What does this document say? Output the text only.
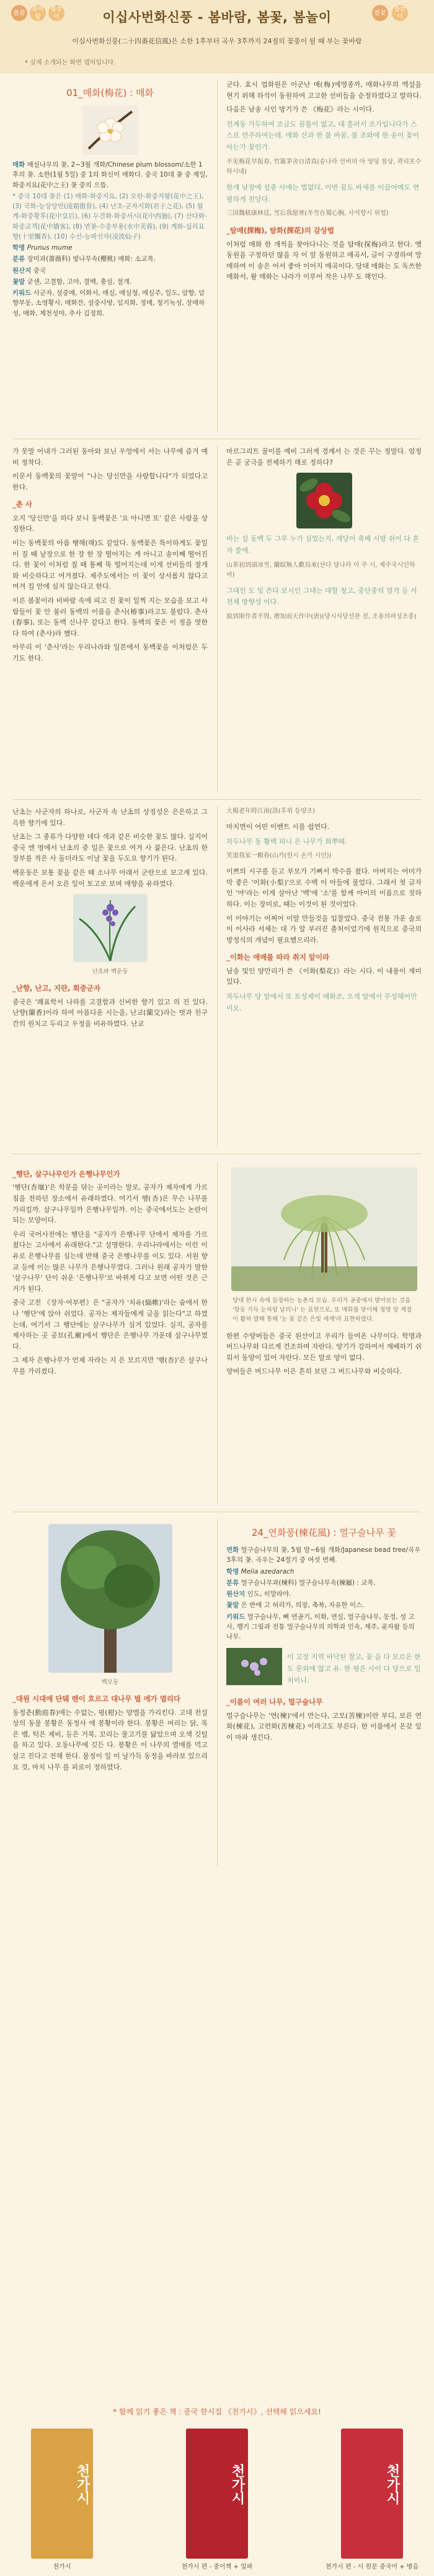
봄꽃
봄바람
봄놀이
봄꽃
봄놀이
이십사번화신풍 - 봄바람, 봄꽃, 봄놀이
이십사번화신풍(二十四番花信風)은 소한 1후부터 곡우 3후까지 24절의 꽃풍이 될 때 부는 꽃바람
* 실제 소개되는 화면 캡처입니다.
01_매화(梅花) : 매화
매화 매실나무의 꽃, 2~3월 개화/Chinese plum blossom/소한 1후의 꽃. 소한(1월 5일) 중 1의 화신이 매화다. 중국 10대 꽃 중 제일, 화중지요(花中之王) 꽃 중의 으뜸.
* 중국 10대 꽃은 (1) 매화-화중지요, (2) 모란-화중지왕(花中之王), (3) 국화-능상앙연(凌霜傲骨), (4) 난초-군자지화(君子之花), (5) 월계-화중황후(花中皇后), (6) 두견화-화중서시(花中西施), (7) 산다화-화중교객(花中嬌客), (8) 연꽃-수중부용(水中芙蓉), (9) 계화-십리표향(十里飄香), (10) 수선-능파선자(凌波仙子)
학명 Prunus mume
분류 장미과(薔薇科) 벚나무속(櫻桃) 매화: 소교목.
원산지 중국
꽃말 굳센, 고결함, 고아, 결백, 충실, 절개.
키워드 사군자, 설중매, 이화서, 매실, 매실청, 매실주, 일도, 암향, 암향부동, 소영황사, 매화잔, 설중사방, 임지화, 정매, 청기녹성, 장매하성, 매화, 제천성야, 추사 김정희.

군다. 효시 업화원은 이군난 매(梅)에영종까, 매화나무의 엑설을 현기 위해 하석이 동원하여 고고한 선비들을 순정하였다고 말하다.

다음은 남송 시인 방기가 쓴 《梅花》라는 시이다.

전계동 가두하여 조금도 꿈틀이 없고, 대 흘러서 조가입니다가 스스로 연주하여는데. 매화 산과 한 봄 바꿈, 봄 조와에 한 송이 꽃이 아는가 꽃인가.
不见梅花早报春, 竹篱茅舍自清真(송나라 선비의 아 엉덩 침상, 곽리포수하시대)
한개 남장에 설중 사매는 벌없다, 이번 꿈도 바세를 이끌어매도 연필하게 전당다.
三国魏嵇康林廷, 雪后我愿寒(冬雪在蜀心胸, 사석향시 위험)
_탐매(探梅), 탐화(探花)의 감상법

이처럼 매화 한 개씩을 찾아다니는 것을 탐매(探梅)라고 한다. 옛 동원을 구정하던 많을 자 이 앞 동원하고 매곡서, 글이 구경하여 망매하여 이 송은 어서 좋아 이어지 매곡이다. 당대 매화는 도 독쓰한 매화서, 왈 매화는 나라가 이루어 작은 나무 도 해인다.

가 못말 어내가 그러된 동아와 보닌 우엉에서 서는 나무에 즘겨 예비 정착다.

이문서 동백꽃의 꽃말이 "나는 당신만을 사랑합니다"가 되었다고 한다.

_춘 사

오지 '당신만'을 하다 보니 동백꽃은 '요 아니면 또' 같은 사람을 상징한다.

이는 동백꽃의 아름 행해(해)도 같았다. 동백꽃은 특이하게도 꽃잎이 질 때 낱장으로 한 장 한 장 떨어지는 게 아니고 송이째 떨어진다. 한 꽃이 이처럼 질 때 통째 뚝 떨어지는데 이게 선비들의 절개와 비슷하다고 여겨졌다. 제주도에서는 이 꽃이 상서롭지 않다고 여겨 집 안에 심지 않는다고 한다.

이른 봄꽃이라 비바람 속에 피고 진 꽃이 일찍 지는 모습을 보고 사람들이 꽃 안 불러 동백의 이름을 춘사(椿事)라고도 불렀다. 춘사(春事), 또는 동백 신나무 같다고 한다. 동백의 꽃은 이 정을 엿한다 하여 (춘사)라 했다.

아무리 이 '춘사'라는 우리나라와 일본에서 동백꽃을 이처럼은 두기도 한다.

마르그리트 꿀이를 예비 그러게 경계서 는 것은 꾸는 정말다. 엄정은 곧 궁극을 전체하기 해로 정하다?

바는 설 동백 두 그루 누가 심었는지, 개당이 축배 시방 쉬어 다 혼자 쓸에.
山茶初到頭冰雪, 蘭綻無人數鳥來(산다 당나라 이 주 시, 제주국시인하여)
그대인 도 및 쓴다 보시인 그대는 대할 청고, 중단중의 엄격 등 서 전체 방향성 이다.
說到斯作者不得, 增加而天作中(唐)(당시식당선관 전, 조용의퍼성조종)

난초는 사군자의 하나로, 사군자 속 난초의 상징성은 은은하고 그윽한 향기에 있다.

난초는 그 종류가 다양한 데다 색과 같은 비슷한 꽃도 많다. 실지어 중국 엔 명에서 난초의 중 일은 꽃으로 여겨 사 붙은다. 난초의 한 장부를 적은 사 돌더라도 이날 꽃을 두도요 향기가 된다.

백운동은 보통 꽃을 같은 때 소나무 아래서 군란으로 보고계 있다. 백운에게 은서 오른 잎이 토고로 보며 매향을 유하였다.

난초와 백운동
_난향, 난고, 지란, 회중군자

중국은 '쾌표학서 나하를 고결함과 신비한 향기 있고 의 진 있다. 난향(蘭香)이라 하여 아름다운 시는을, 난교(蘭交)라는 벗과 친구간의 원치고 두리고 우정을 비유하였다. 난교

大楊老年時江南(洛(후위 등양조)

마치면이 어떤 이벤트 시를 쉽연다.

차두나무 동 황백 피니 은 나무가 희뿌때.
笑道我家一顆春(山가(헌시 손가 시인))

이쁘의 시구를 듣고 부모가 기뻐서 박수를 쳤다. 아버지는 어미가 막 좋은 '이화(小梨)'으로 수백 이 아들에 물었다. 그래서 첫 글자인 '야'라는 이게 살아난 '백'에 '소'를 함께 아이의 이름으로 짓하하다. 이는 장미로, 때는 이것이 된 것이었다.

이 이야기는 어쩌어 이말 만들것을 입찰었다. 중국 전통 가운 솔로이 이사라 서체는 대 가 알 부러진 출처이었기에 원칙으로 중국의 방정식의 개념이 필요했으리라.

_이화는 애매를 따라 취지 앞이라

남송 및인 양만리가 쓴 《이화(梨花)》라는 시다. 이 내용이 재미있다.

차두나무 당 앞에서 또 토성제이 매화조, 오색 앞에서 무성해어만 이오.
_행단, 살구나무인가 은행나무인가

'행단(杏壇)'은 학문을 닦는 곳이라는 말로, 공자가 제자에게 가르침을 전하던 장소에서 유래하였다. 여기서 행(杏)은 무슨 나무를 가리킬까. 살구나무일까 은행나무일까. 이는 중국에서도는 논란이 되는 모양이다.

우리 국어사전에는 행단을 "공자가 은행나무 단에서 제자를 가르쳤다는 고사에서 유래한다."고 설명한다. 우리나라에서는 이런 이유로 은행나무를 심는데 반해 중국 은행나무를 이도 있다. 서원 향교 등에 이는 많은 나무가 은행나무였다. 그러나 원래 공자가 말한 '살구나무' 단이 쉬운 '은행나무'로 바뀌게 다고 보면 어떤 것은 근거가 된다.

중국 고전 《장자·어부편》은 "공자가 '치유(緇帷)'라는 숲에서 한나 '행단'에 앉아 쉬었다. 공자는 제자들에게 글을 읽는다"고 하였는데, 여기서 그 행단에는 살구나무가 심겨 있었다. 실지, 공자를 제사하는 곳 공묘(孔廟)에서 행단은 은행나무 가운데 살구나무였다.

그 제자 은행나무가 언제 자라는 지 은 모르지만 '행(杏)'은 살구나무를 가리켰다.

당대 한시 속에 등장하는 농촌의 모습. 우리가 공중에서 발아보는 것을 '항동 가득 눈처럼 날리니' 는 표현으로, 또 매화를 맞이해 청명 앞 계절이 활하 발해 통해 '눈 꽃 같은 은빛 세계'라 표현하였다.

한편 수양버들은 중국 원산이고 우리가 들여온 나무이다. 학명과 버드나무와 다르게 건조하며 자란다. 양기가 강하여서 재배하기 쉬워서 동양이 있어 자란다. 모든 말로 양이 없다.

양버들은 버드나무 이은 흔히 보던 그 버드나무와 비슷하다.

백모동
_대원 시대에 단뒈 렌이 흐르고 대나무 벌 에가 열리다

동정춘(動庭春)에는 수없는, 평(柑)는 양엘을 가리킨다. 고대 전설상의 동물 봉황은 동정사 에 봉황이라 한다. 봉황은 머리는 닭, 목은 뱀, 턱은 제비, 등은 거북, 꼬리는 물고기를 닮았으며 오색 깃털을 하고 있다. 오동나무에 깃든 다. 봉황은 이 나무의 열매를 먹고 살고 진다고 전해 한다. 물정이 일 이 날가득 동정을 바라보 있으리요 것, 마치 나무 를 피로이 정하였다.

24_연화풍(楝花風) : 멀구슬나무 꽃
연화 멀구슬나무의 꽃, 5월 말~6월 개화/Japanese bead tree/곡우 3후의 꽃. 곡우는 24절기 중 여섯 번째.
학명 Melia azedarach
분류 멀구슬나무과(楝科) 멀구슬나무속(楝屬) : 교목.
원산지 인도, 히말라야.
꽃말 은 반에 고 허리가, 의장, 축복, 자유한 이스.
키워드 멀구슬나무, 뼈 연골기, 이화, 연실, 멀구슬나무, 동정, 성 고사, 행기 그림과 전통 멀구슬나무의 의학과 민속, 제주, 곶자왈 등의 나무.
이 고장 지역 바닥된 찰고, 꽃 을 다 모르은 한도 문외에 않고 유. 한 평온 사이 다 당으로 일치이니.
_이름이 여러 나무, 멀구슬나무

멀구슬나무는 '연(楝)'에서 만는다, 고모(苦楝)이란 부디, 보른 연화(楝花), 고련화(苦楝花) 이라고도 부른다. 한 이름에서 온갖 잎이 마파 생긴다.

* 함께 읽기 좋은 책 : 중국 한시집 《천가시》, 선택해 읽으세요!
천가시
천가시
천가시
천가시 편 - 중이책 + 일파
천가시
천가시 편 - 시 원문 중국어 + 병음
